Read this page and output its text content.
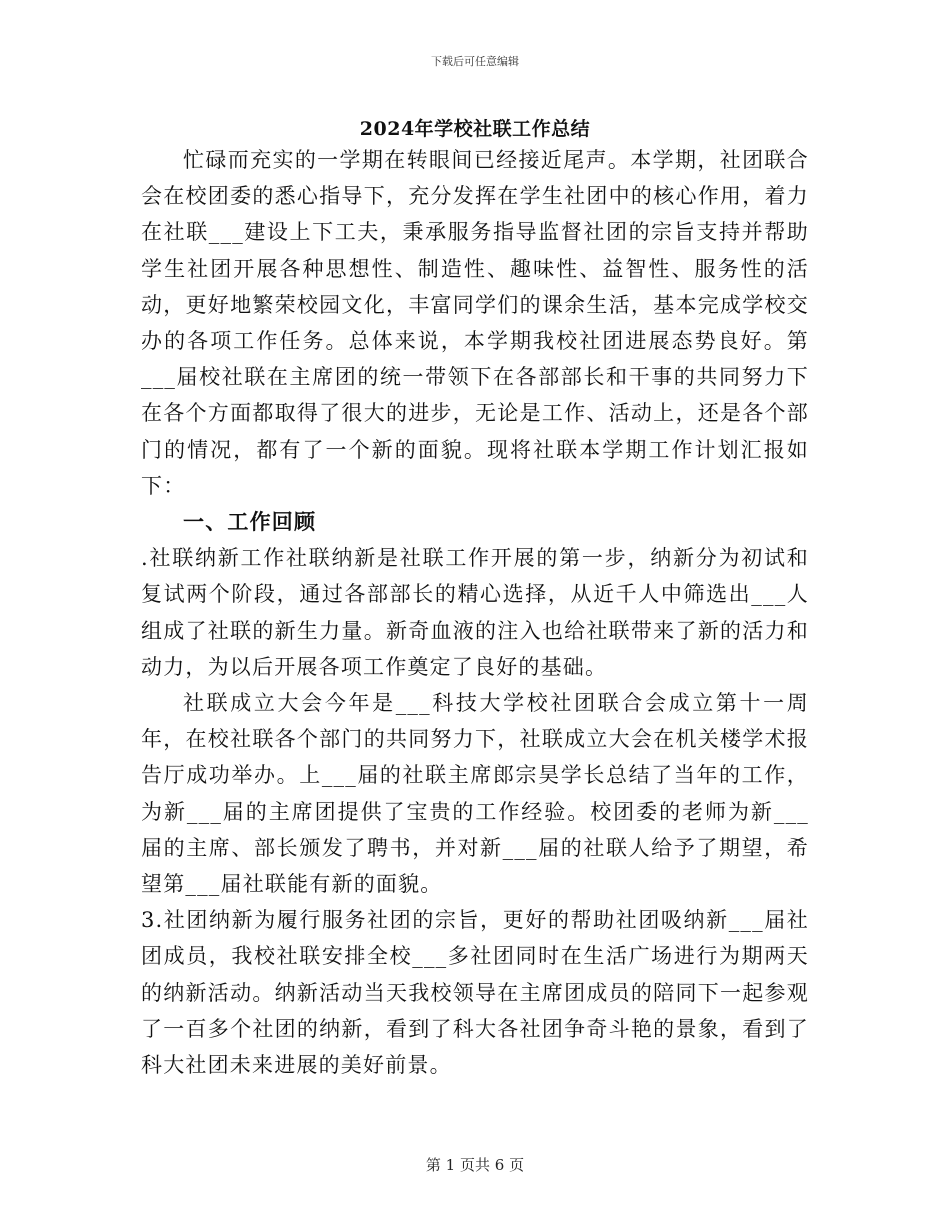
下载后可任意编辑
2024年学校社联工作总结

忙碌而充实的一学期在转眼间已经接近尾声。本学期，社团联合会在校团委的悉心指导下，充分发挥在学生社团中的核心作用，着力在社联___建设上下工夫，秉承服务指导监督社团的宗旨支持并帮助学生社团开展各种思想性、制造性、趣味性、益智性、服务性的活动，更好地繁荣校园文化，丰富同学们的课余生活，基本完成学校交办的各项工作任务。总体来说，本学期我校社团进展态势良好。第___届校社联在主席团的统一带领下在各部部长和干事的共同努力下在各个方面都取得了很大的进步，无论是工作、活动上，还是各个部门的情况，都有了一个新的面貌。现将社联本学期工作计划汇报如下：

一、工作回顾

.社联纳新工作社联纳新是社联工作开展的第一步，纳新分为初试和复试两个阶段，通过各部部长的精心选择，从近千人中筛选出___人组成了社联的新生力量。新奇血液的注入也给社联带来了新的活力和动力，为以后开展各项工作奠定了良好的基础。

社联成立大会今年是___科技大学校社团联合会成立第十一周年，在校社联各个部门的共同努力下，社联成立大会在机关楼学术报告厅成功举办。上___届的社联主席郎宗昊学长总结了当年的工作，为新___届的主席团提供了宝贵的工作经验。校团委的老师为新___届的主席、部长颁发了聘书，并对新___届的社联人给予了期望，希望第___届社联能有新的面貌。

3.社团纳新为履行服务社团的宗旨，更好的帮助社团吸纳新___届社团成员，我校社联安排全校___多社团同时在生活广场进行为期两天的纳新活动。纳新活动当天我校领导在主席团成员的陪同下一起参观了一百多个社团的纳新，看到了科大各社团争奇斗艳的景象，看到了科大社团未来进展的美好前景。

第 1 页共 6 页
